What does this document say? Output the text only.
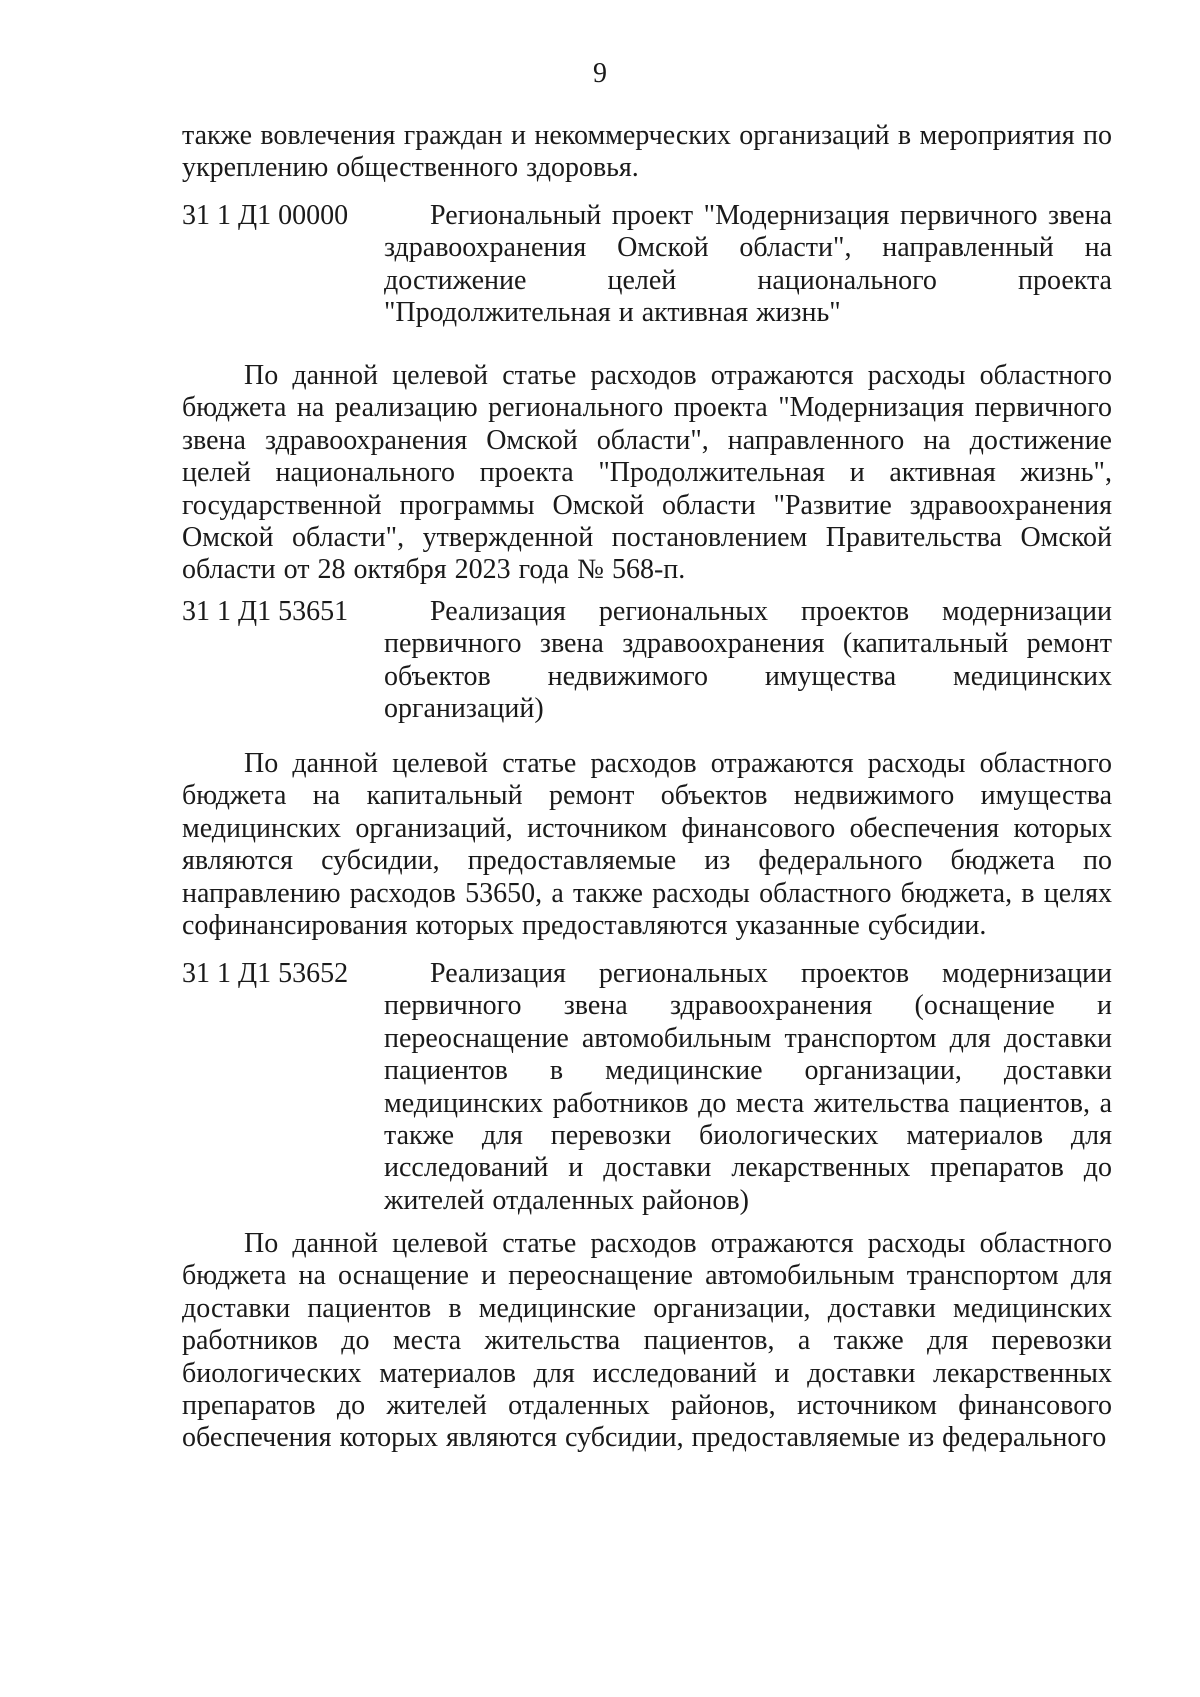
9
также вовлечения граждан и некоммерческих организаций в мероприятия по укреплению общественного здоровья.
31 1 Д1 00000	Региональный проект "Модернизация первичного звена здравоохранения Омской области", направленный на достижение целей национального проекта "Продолжительная и активная жизнь"
По данной целевой статье расходов отражаются расходы областного бюджета на реализацию регионального проекта "Модернизация первичного звена здравоохранения Омской области", направленного на достижение целей национального проекта "Продолжительная и активная жизнь", государственной программы Омской области "Развитие здравоохранения Омской области", утвержденной постановлением Правительства Омской области от 28 октября 2023 года № 568-п.
31 1 Д1 53651	Реализация региональных проектов модернизации первичного звена здравоохранения (капитальный ремонт объектов недвижимого имущества медицинских организаций)
По данной целевой статье расходов отражаются расходы областного бюджета на капитальный ремонт объектов недвижимого имущества медицинских организаций, источником финансового обеспечения которых являются субсидии, предоставляемые из федерального бюджета по направлению расходов 53650, а также расходы областного бюджета, в целях софинансирования которых предоставляются указанные субсидии.
31 1 Д1 53652	Реализация региональных проектов модернизации первичного звена здравоохранения (оснащение и переоснащение автомобильным транспортом для доставки пациентов в медицинские организации, доставки медицинских работников до места жительства пациентов, а также для перевозки биологических материалов для исследований и доставки лекарственных препаратов до жителей отдаленных районов)
По данной целевой статье расходов отражаются расходы областного бюджета на оснащение и переоснащение автомобильным транспортом для доставки пациентов в медицинские организации, доставки медицинских работников до места жительства пациентов, а также для перевозки биологических материалов для исследований и доставки лекарственных препаратов до жителей отдаленных районов, источником финансового обеспечения которых являются субсидии, предоставляемые из федерального
